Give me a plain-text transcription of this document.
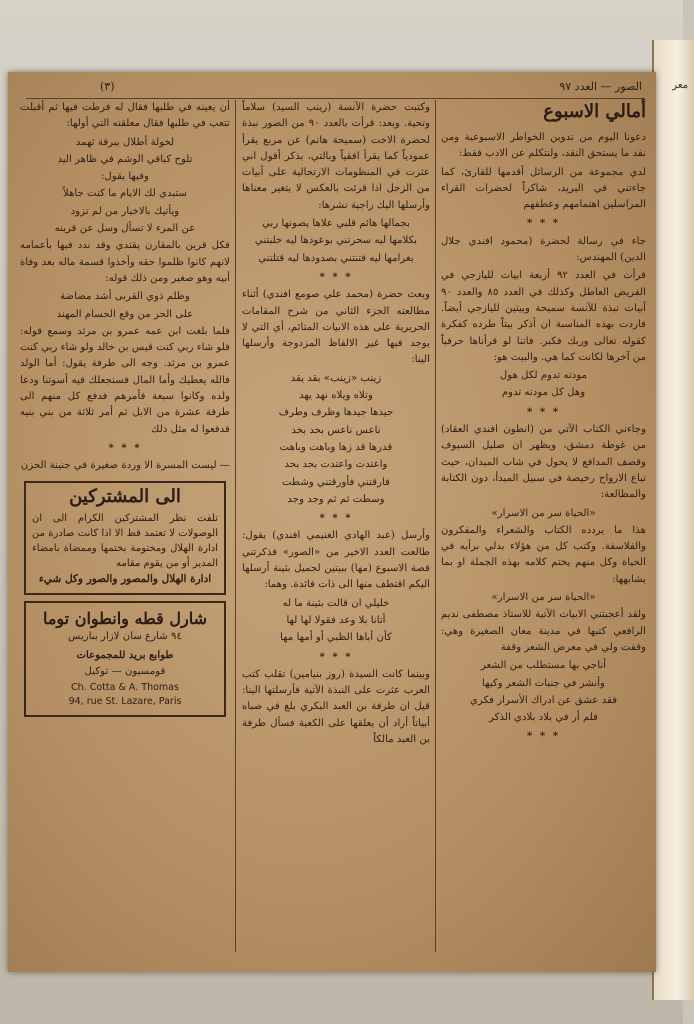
معر
الصور — العدد ٩٧
(٣)
أمالي الاسبوع

دعونا اليوم من تدوين الخواطر الاسبوعية ومن نقد ما يستحق النقد، ولنتكلم عن الادب فقط:

لدي مجموعة من الرسائل أقدمها للقارئ، كما جاءتني في البريد، شاكراً لحضرات القراء المراسلين اهتمامهم وعطفهم

* * *

جاء في رسالة لحضرة (محمود افندي جلال الدين) المهندس:

قرأت في العدد ٩٢ أربعة ابيات لليازجي في الفريض العاطل وكذلك في العدد ٨٥ والعدد ٩٠ أبيات نبذة للآنسة سميحة وبيتين لليازجي أيضاً. فاردت بهذه المناسبة ان أذكر بيتاً طرده كفكرة كقوله تعالى وربك فكبر. فاتنا لو قرأناها حرفياً من آخرها لكانت كما هي. والبيت هو:

مودته تدوم لكل هول
وهل كل مودته تدوم
* * *

وجاءني الكتاب الآتي من (انطون افندي العقاد) من غوطة دمشق، ويظهر ان صليل السيوف وقصف المدافع لا يحول في شاب الميدان، حيث تباع الارواح رخيصة في سبيل المبدأ، دون الكتابة والمطالعة:

«الحياة سر من الاسرار»

هذا ما يردده الكتاب والشعراء والمفكرون والفلاسفة. وكتب كل من هؤلاء بدلي برأيه في الحياة وكل منهم يختم كلامه بهذه الجملة او بما يشابهها:

«الحياة سر من الاسرار»

ولقد أعجبتني الابيات الآتية للاستاذ مصطفى نديم الرافعي كتبها في مدينة معان الصغيرة وهي: وقفت ولي في معرض الشعر وقفة

أناجي بها مستطلب من الشعر
وأنشر في جنبات الشعر وكيها
فقد عشق عن ادراك الأسرار فكري
فلم أر في بلاد بلادي الذكر
* * *

وكتبت حضرة الآنسة (زينب السيد) سلاماً وتحية. وبعد: قرأت بالعدد ٩٠ من الصور نبذة لحضرة الاخت (سميحة هانم) عن مربع يقرأ عمودياً كما يقرأ افقياً وبالتي، بذكر أقول اني عثرت في المنظومات الارتجالية على أبيات من الزجل اذا قرئت بالعكس لا يتغير معناها وأرسلها اليك راجية نشرها:

بجمالها هائم قلبي علاها يصونها ربي
بكلامها ليه سحرتني بوعودها ليه خلبتني
بغرامها ليه فتنتني بصدودها ليه قتلتني
* * *

وبعث حضرة (محمد علي صومع افندي) أثناء مطالعته الجزء الثاني من شرح المقامات الحريرية على هذه الابيات المتائم، أي التي لا يوجد فيها غير الالفاظ المزدوجة وأرسلها الينا:

زينب «زينب» بقد يقد
وتلاه ويلاه نهد يهد
جيدها جيدها وظرف وطرف
ناعس ناعس بخد بخد
قدرها قد زها وباهت وباهت
واعتدت واعتدت بحد بحد
فارقتني فأورقتني وشطت
وسطت ثم ثم وجد وجد
* * *

وأرسل (عبد الهادي الغنيمي افندي) يقول: طالعت العدد الاخير من «الصور» فذكرتني قصة الاسبوع (مها) ببيتين لجميل بثينة أرسلها اليكم اقتطف منها الى ذات فائدة. وهما:

خليلي ان قالت بثينة ما له
أتانا بلا وعد فقولا لها لها
كأن أباها الظبي أو أمها مها
* * *

وبينما كانت السيدة (روز بنيامين) تقلب كتب العرب عثرت على النبذة الآتية فأرسلتها الينا: قيل ان طرفة بن العبد البكري بلغ في صباه أبياتاً أراد أن يعلقها على الكعبة فسأل طرفة بن العبد مالكاً

أن يعينه في طلبها فقال له فرطت فيها ثم أقبلت تتعب في طلبها فقال معلقته التي أولها:

لخولة أطلال ببرقة ثهمد
تلوح كباقي الوشم في ظاهر اليد
وفيها يقول:
ستبدي لك الايام ما كنت جاهلاً
ويأتيك بالاخبار من لم تزود
عن المرء لا تسأل وسل عن قرينه

فكل قرين بالمقارن يقتدي وقد ندد فيها بأعمامه لانهم كانوا ظلموا حقه وأخذوا قسمة ماله بعد وفاة أبيه وهو صغير ومن ذلك قوله:

وظلم ذوي القربى أشد مضاضة
على الحر من وقع الحسام المهند

فلما بلغت ابن عمه عمرو بن مرثد وسمع قوله: فلو شاء ربي كنت قيس بن خالد ولو شاء ربي كنت عمرو بن مرثد. وجه الى طرفة يقول: أما الولد فالله يعطيك وأما المال فسنجعلك فيه أسوتنا ودعا ولده وكانوا سبعة فأمرهم فدفع كل منهم الى طرفة عشرة من الابل ثم أمر ثلاثة من بني بنيه فدفعوا له مثل ذلك

* * *

— ليست المسرة الا وردة صغيرة في جنينة الحزن

الى المشتركين
تلفت نظر المشتركين الكرام الى ان الوصولات لا تعتمد قط الا اذا كانت صادرة من ادارة الهلال ومختومة بختمها وممضاة بامضاء المدير أو من يقوم مقامه
ادارة الهلال والمصور والصور وكل شيء
شارل قطه وانطوان توما
٩٤ شارع سان لازار بباريس
طوابع بريد للمجموعات
قومسيون — توكيل
Ch. Cotta & A. Thomas
94, rue St. Lazare, Paris
